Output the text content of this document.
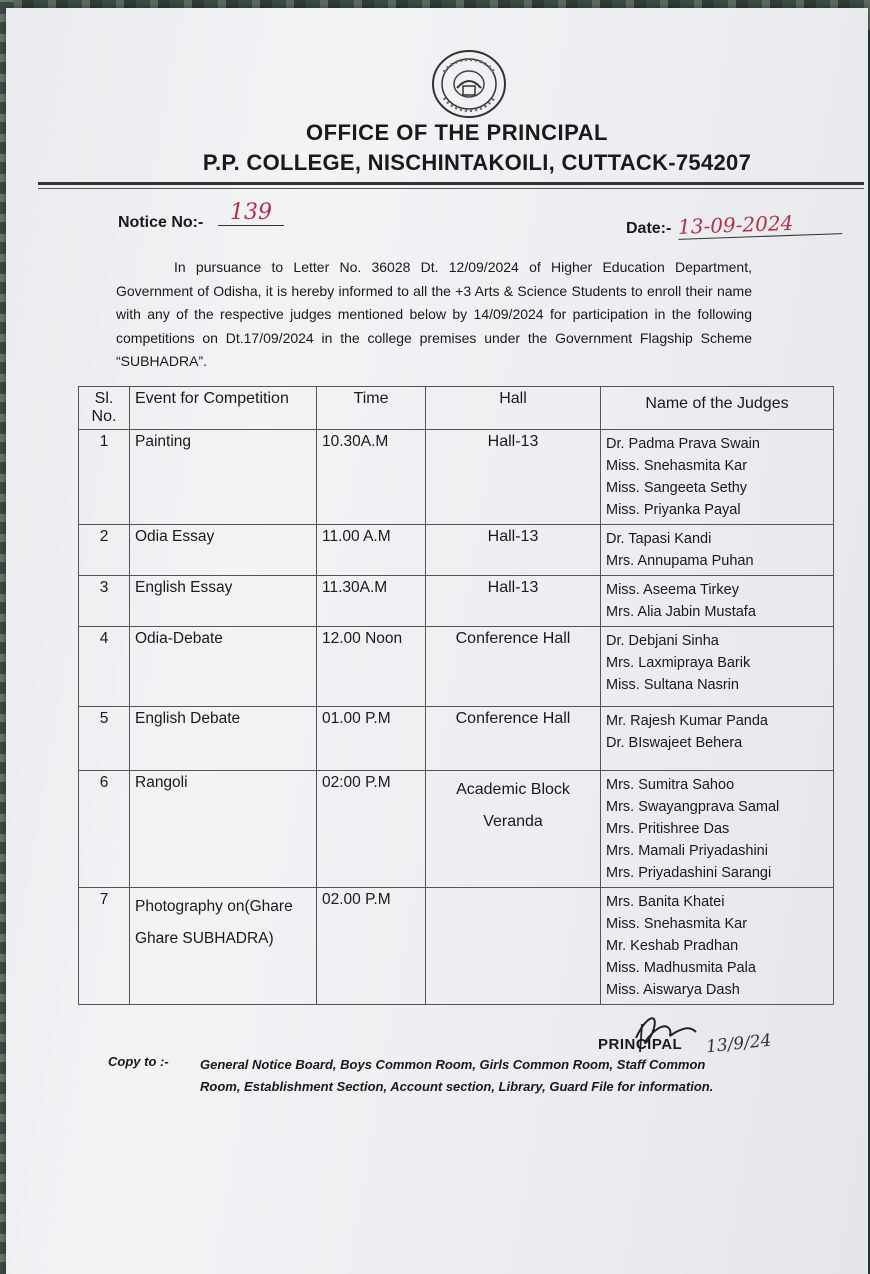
OFFICE OF THE PRINCIPAL
P.P. COLLEGE, NISCHINTAKOILI, CUTTACK-754207
Notice No:-	139
Date:- 13-09-2024
In pursuance to Letter No. 36028 Dt. 12/09/2024 of Higher Education Department, Government of Odisha, it is hereby informed to all the +3 Arts & Science Students to enroll their name with any of the respective judges mentioned below by 14/09/2024 for participation in the following competitions on Dt.17/09/2024 in the college premises under the Government Flagship Scheme “SUBHADRA”.
Sl. No.	Event for Competition	Time	Hall	Name of the Judges
1	Painting	10.30A.M	Hall-13	Dr. Padma Prava Swain
Miss. Snehasmita Kar
Miss. Sangeeta Sethy
Miss. Priyanka Payal

2	Odia Essay	11.00 A.M	Hall-13	Dr. Tapasi Kandi
Mrs. Annupama Puhan

3	English Essay	11.30A.M	Hall-13	Miss. Aseema Tirkey
Mrs. Alia Jabin Mustafa

4	Odia-Debate	12.00 Noon	Conference Hall	Dr. Debjani Sinha
Mrs. Laxmipraya Barik
Miss. Sultana Nasrin

5	English Debate	01.00 P.M	Conference Hall	Mr. Rajesh Kumar Panda
Dr. BIswajeet Behera

6	Rangoli	02:00 P.M	Academic Block Veranda	Mrs. Sumitra Sahoo
Mrs. Swayangprava Samal
Mrs. Pritishree Das
Mrs. Mamali Priyadashini
Mrs. Priyadashini Sarangi

7	Photography on(Ghare Ghare SUBHADRA)	02.00 P.M		Mrs. Banita Khatei
Miss. Snehasmita Kar
Mr. Keshab Pradhan
Miss. Madhusmita Pala
Miss. Aiswarya Dash
PRINCIPAL 13/9/24
Copy to :- General Notice Board, Boys Common Room, Girls Common Room, Staff Common Room, Establishment Section, Account section, Library, Guard File for information.
